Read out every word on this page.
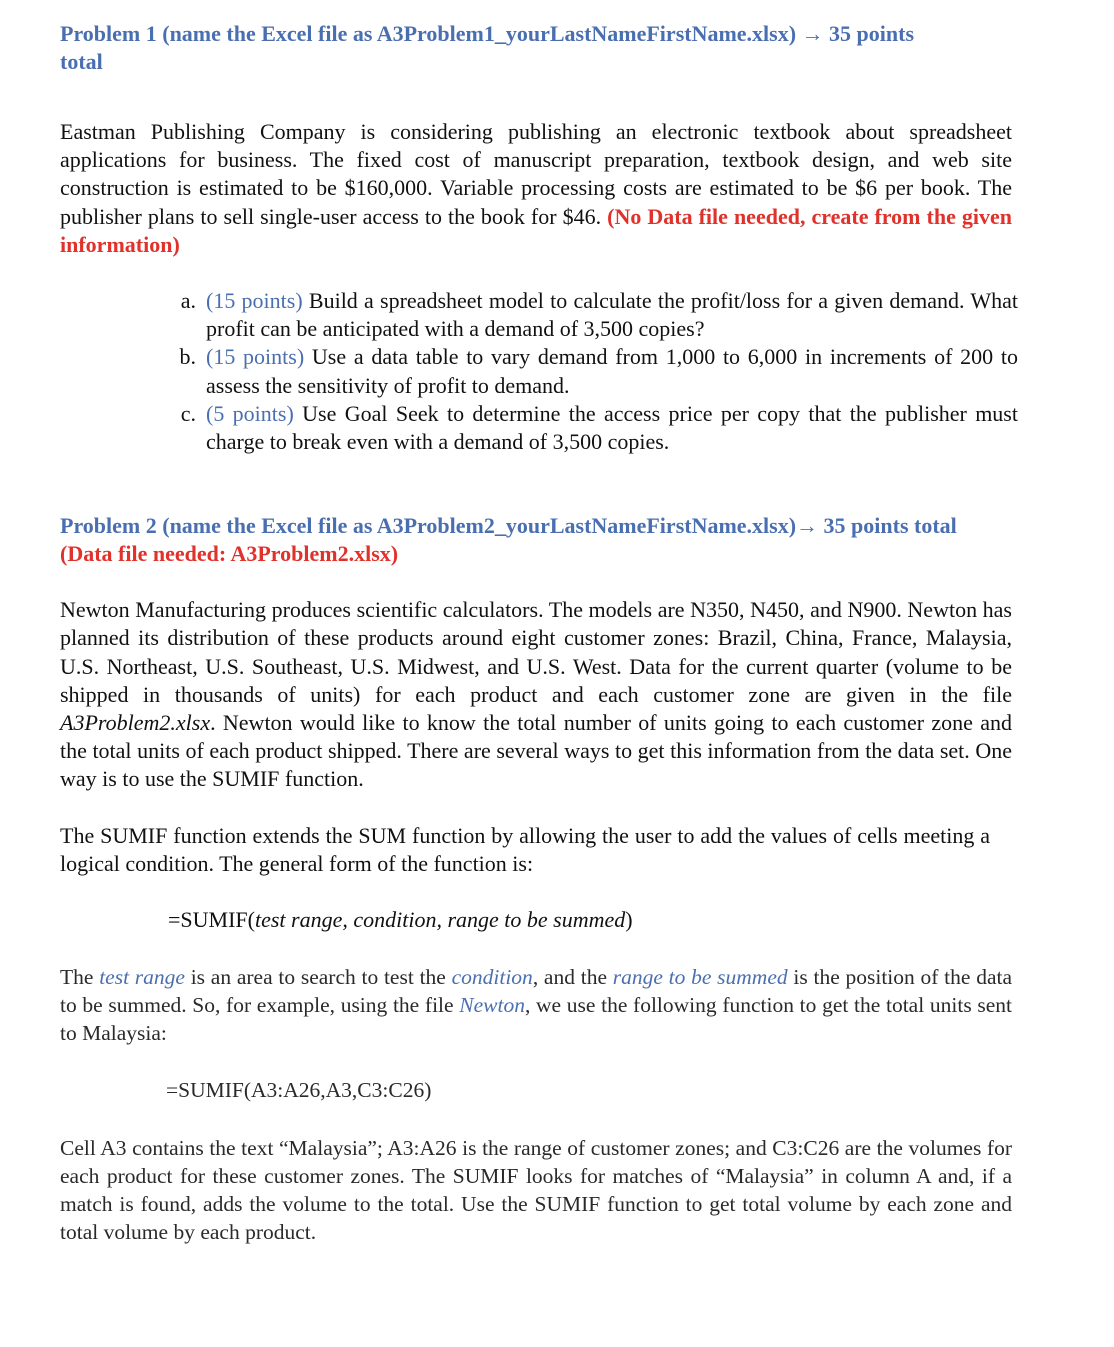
Problem 1 (name the Excel file as A3Problem1_yourLastNameFirstName.xlsx) → 35 points total

Eastman Publishing Company is considering publishing an electronic textbook about spreadsheet applications for business. The fixed cost of manuscript preparation, textbook design, and web site construction is estimated to be $160,000. Variable processing costs are estimated to be $6 per book. The publisher plans to sell single-user access to the book for $46. (No Data file needed, create from the given information)

a. (15 points) Build a spreadsheet model to calculate the profit/loss for a given demand. What profit can be anticipated with a demand of 3,500 copies?
b. (15 points) Use a data table to vary demand from 1,000 to 6,000 in increments of 200 to assess the sensitivity of profit to demand.
c. (5 points) Use Goal Seek to determine the access price per copy that the publisher must charge to break even with a demand of 3,500 copies.
Problem 2 (name the Excel file as A3Problem2_yourLastNameFirstName.xlsx)→ 35 points total (Data file needed: A3Problem2.xlsx)

Newton Manufacturing produces scientific calculators. The models are N350, N450, and N900. Newton has planned its distribution of these products around eight customer zones: Brazil, China, France, Malaysia, U.S. Northeast, U.S. Southeast, U.S. Midwest, and U.S. West. Data for the current quarter (volume to be shipped in thousands of units) for each product and each customer zone are given in the file A3Problem2.xlsx. Newton would like to know the total number of units going to each customer zone and the total units of each product shipped. There are several ways to get this information from the data set. One way is to use the SUMIF function.

The SUMIF function extends the SUM function by allowing the user to add the values of cells meeting a logical condition. The general form of the function is:

=SUMIF(test range, condition, range to be summed)

The test range is an area to search to test the condition, and the range to be summed is the position of the data to be summed. So, for example, using the file Newton, we use the following function to get the total units sent to Malaysia:

=SUMIF(A3:A26,A3,C3:C26)

Cell A3 contains the text “Malaysia”; A3:A26 is the range of customer zones; and C3:C26 are the volumes for each product for these customer zones. The SUMIF looks for matches of “Malaysia” in column A and, if a match is found, adds the volume to the total. Use the SUMIF function to get total volume by each zone and total volume by each product.
